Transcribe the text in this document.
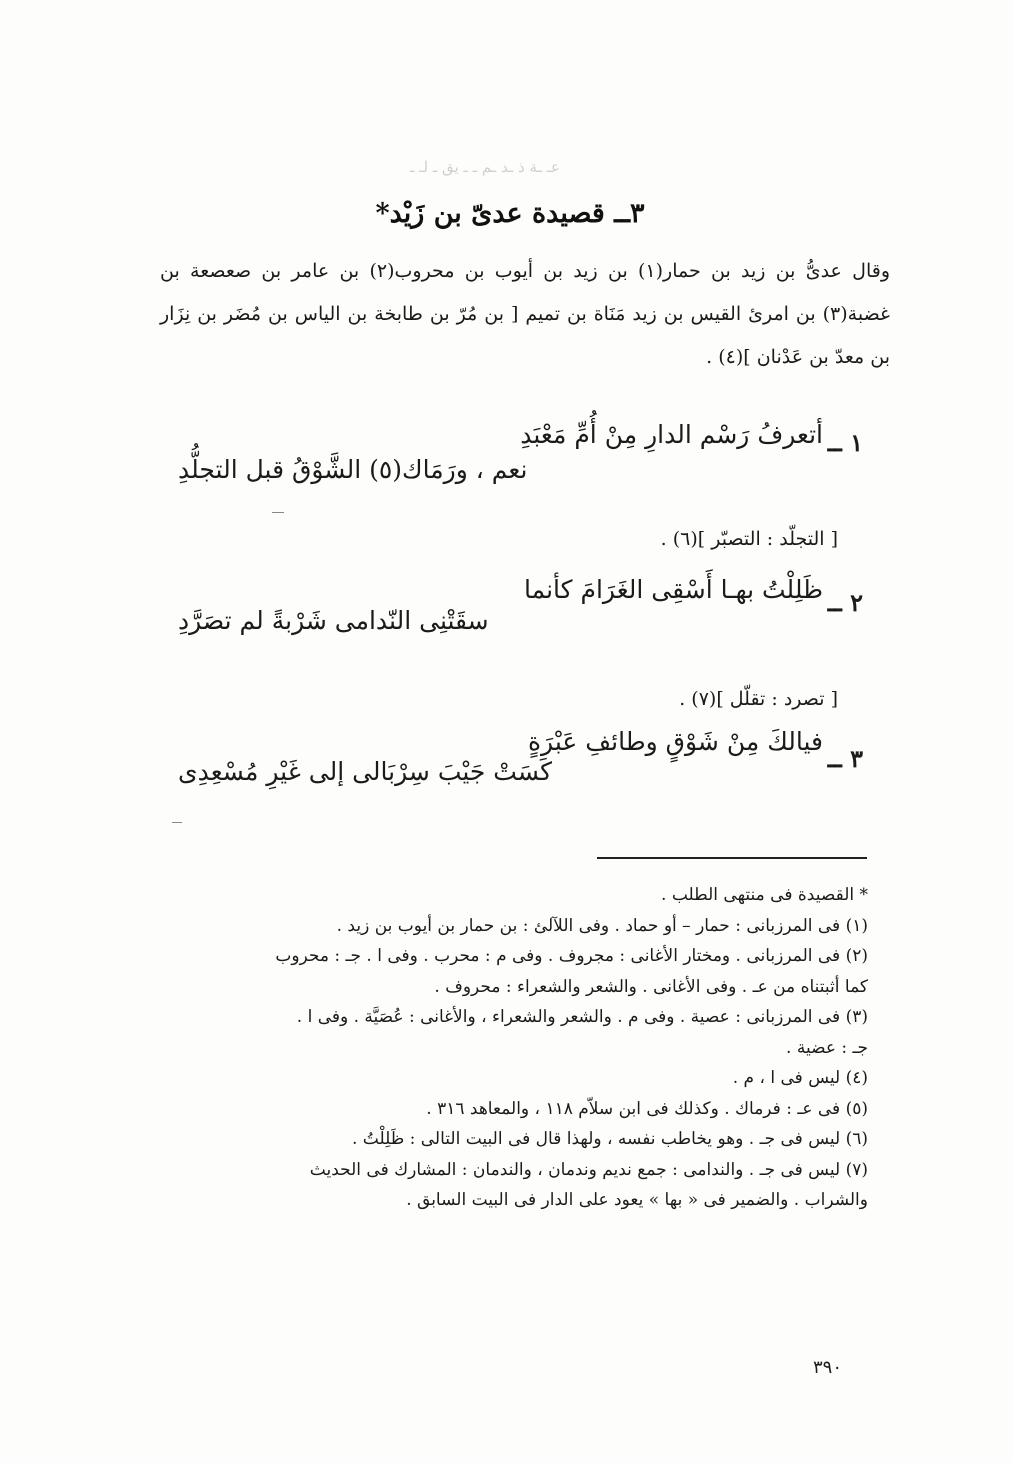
عـ ـة ذ ـد ـم ـ ـ يق ـ لـ ـ
٣ــ قصيدة عدىّ بن زَيْد*
وقال عدىُّ بن زيد بن حمار(١) بن زيد بن أيوب بن محروب(٢) بن عامر بن صعصعة بن غضبة(٣) بن امرئ القيس بن زيد مَنَاة بن تميم [ بن مُرّ بن طابخة بن الياس بن مُضَر بن نِزَار بن معدّ بن عَدْنان ](٤) .
١ ــ
أتعرفُ رَسْم الدارِ مِنْ أُمِّ مَعْبَدِ
نعم ، ورَمَاك(٥) الشَّوْقُ قبل التجلُّدِ
[ التجلّد : التصبّر ](٦) .
٢ ــ
ظَلِلْتُ بهـا أَسْقِى الغَرَامَ كأنما
سقَتْنِى النّدامى شَرْبةً لم تصَرَّدِ
[ تصرد : تقلّل ](٧) .
٣ ــ
فيالكَ مِنْ شَوْقٍ وطائفِ عَبْرَةٍ
كَسَتْ جَيْبَ سِرْبَالى إلى غَيْرِ مُسْعِدِى
* القصيدة فى منتهى الطلب .
(١) فى المرزبانى : حمار – أو حماد . وفى اللآلئ : بن حمار بن أيوب بن زيد .
(٢) فى المرزبانى . ومختار الأغانى : مجروف . وفى م : محرب . وفى ا . جـ : محروب
كما أثبتناه من عـ . وفى الأغانى . والشعر والشعراء : محروف .
(٣) فى المرزبانى : عصية . وفى م . والشعر والشعراء ، والأغانى : عُصَيَّة . وفى ا .
جـ : عضية .
(٤) ليس فى ا ، م .
(٥) فى عـ : فرماك . وكذلك فى ابن سلاّم ١١٨ ، والمعاهد ٣١٦ .
(٦) ليس فى جـ . وهو يخاطب نفسه ، ولهذا قال فى البيت التالى : ظَلِلْتُ .
(٧) ليس فى جـ . والندامى : جمع نديم وندمان ، والندمان : المشارك فى الحديث
والشراب . والضمير فى « بها » يعود على الدار فى البيت السابق .
٣٩٠
